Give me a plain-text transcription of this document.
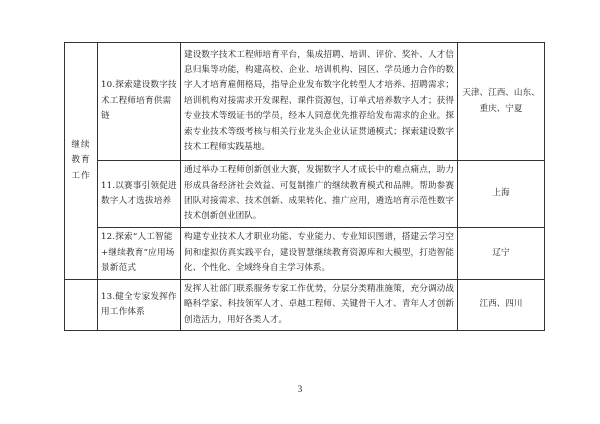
继续教育工作	10.探索建设数字技术工程师培育供需链	建设数字技术工程师培育平台，集成招聘、培训、评价、奖补、人才信息归集等功能，构建高校、企业、培训机构、园区、学员通力合作的数字人才培育雇佣格局，指导企业发布数字化转型人才培养、招聘需求；培训机构对接需求开发课程、课件资源包，订单式培养数字人才；获得专业技术等级证书的学员，经本人同意优先推荐给发布需求的企业。探索专业技术等级考核与相关行业龙头企业认证贯通模式；探索建设数字技术工程师实践基地。	天津、江西、山东、重庆、宁夏
	11.以赛事引领促进数字人才选拔培养	通过举办工程师创新创业大赛，发掘数字人才成长中的难点痛点，助力形成具备经济社会效益、可复制推广的继续教育模式和品牌。帮助参赛团队对接需求、技术创新、成果转化、推广应用，遴选培育示范性数字技术创新创业团队。	上海
	12.探索“人工智能+继续教育”应用场景新范式	构建专业技术人才职业功能、专业能力、专业知识图谱，搭建云学习空间和虚拟仿真实践平台，建设智慧继续教育资源库和大模型，打造智能化、个性化、全域终身自主学习体系。	辽宁
	13.健全专家发挥作用工作体系	发挥人社部门联系服务专家工作优势，分层分类精准施策，充分调动战略科学家、科技领军人才、卓越工程师、关键骨干人才、青年人才创新创造活力，用好各类人才。	江西、四川
3
